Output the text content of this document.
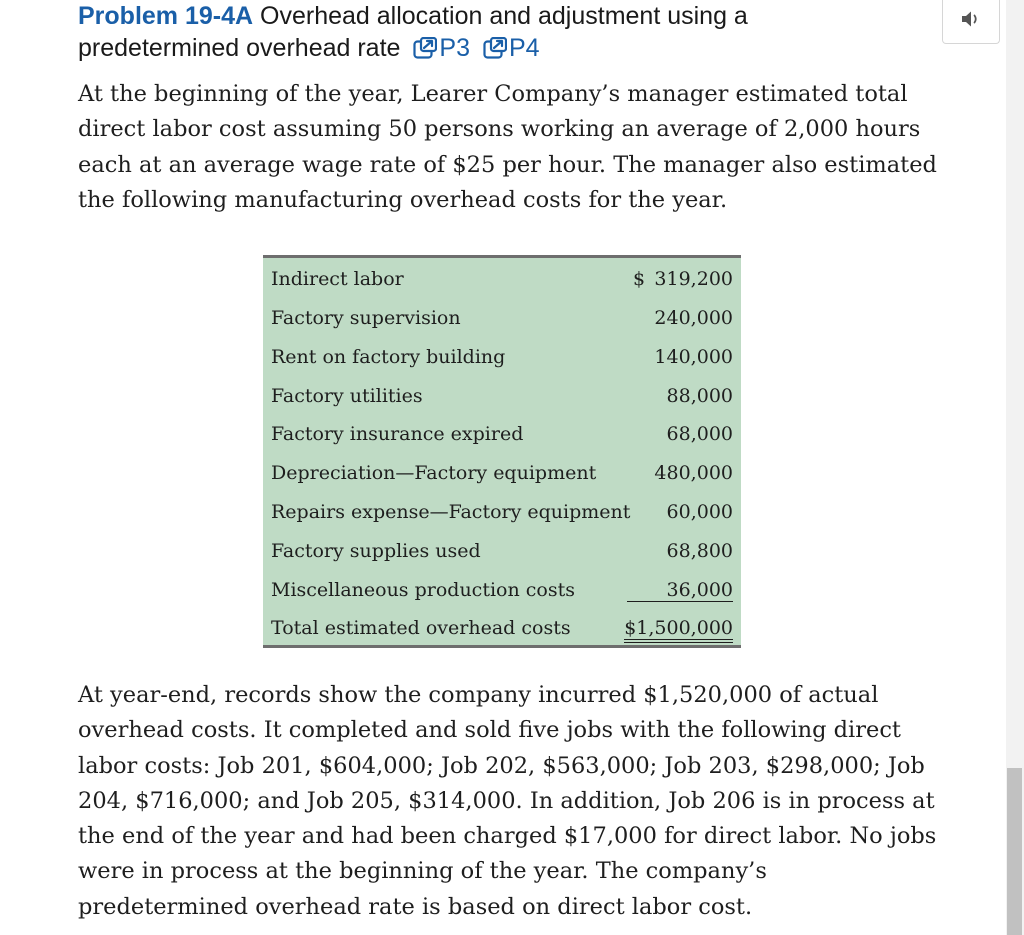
Problem 19-4A Overhead allocation and adjustment using a
predetermined overhead rate P3 P4

At the beginning of the year, Learer Company’s manager estimated total direct labor cost assuming 50 persons working an average of 2,000 hours each at an average wage rate of $25 per hour. The manager also estimated the following manufacturing overhead costs for the year.

Indirect labor	$ 319,200
Factory supervision	240,000
Rent on factory building	140,000
Factory utilities	88,000
Factory insurance expired	68,000
Depreciation—Factory equipment	480,000
Repairs expense—Factory equipment 60,000
Factory supplies used	68,800
Miscellaneous production costs	36,000
Total estimated overhead costs	$1,500,000

At year-end, records show the company incurred $1,520,000 of actual overhead costs. It completed and sold five jobs with the following direct labor costs: Job 201, $604,000; Job 202, $563,000; Job 203, $298,000; Job 204, $716,000; and Job 205, $314,000. In addition, Job 206 is in process at the end of the year and had been charged $17,000 for direct labor. No jobs were in process at the beginning of the year. The company’s predetermined overhead rate is based on direct labor cost.
